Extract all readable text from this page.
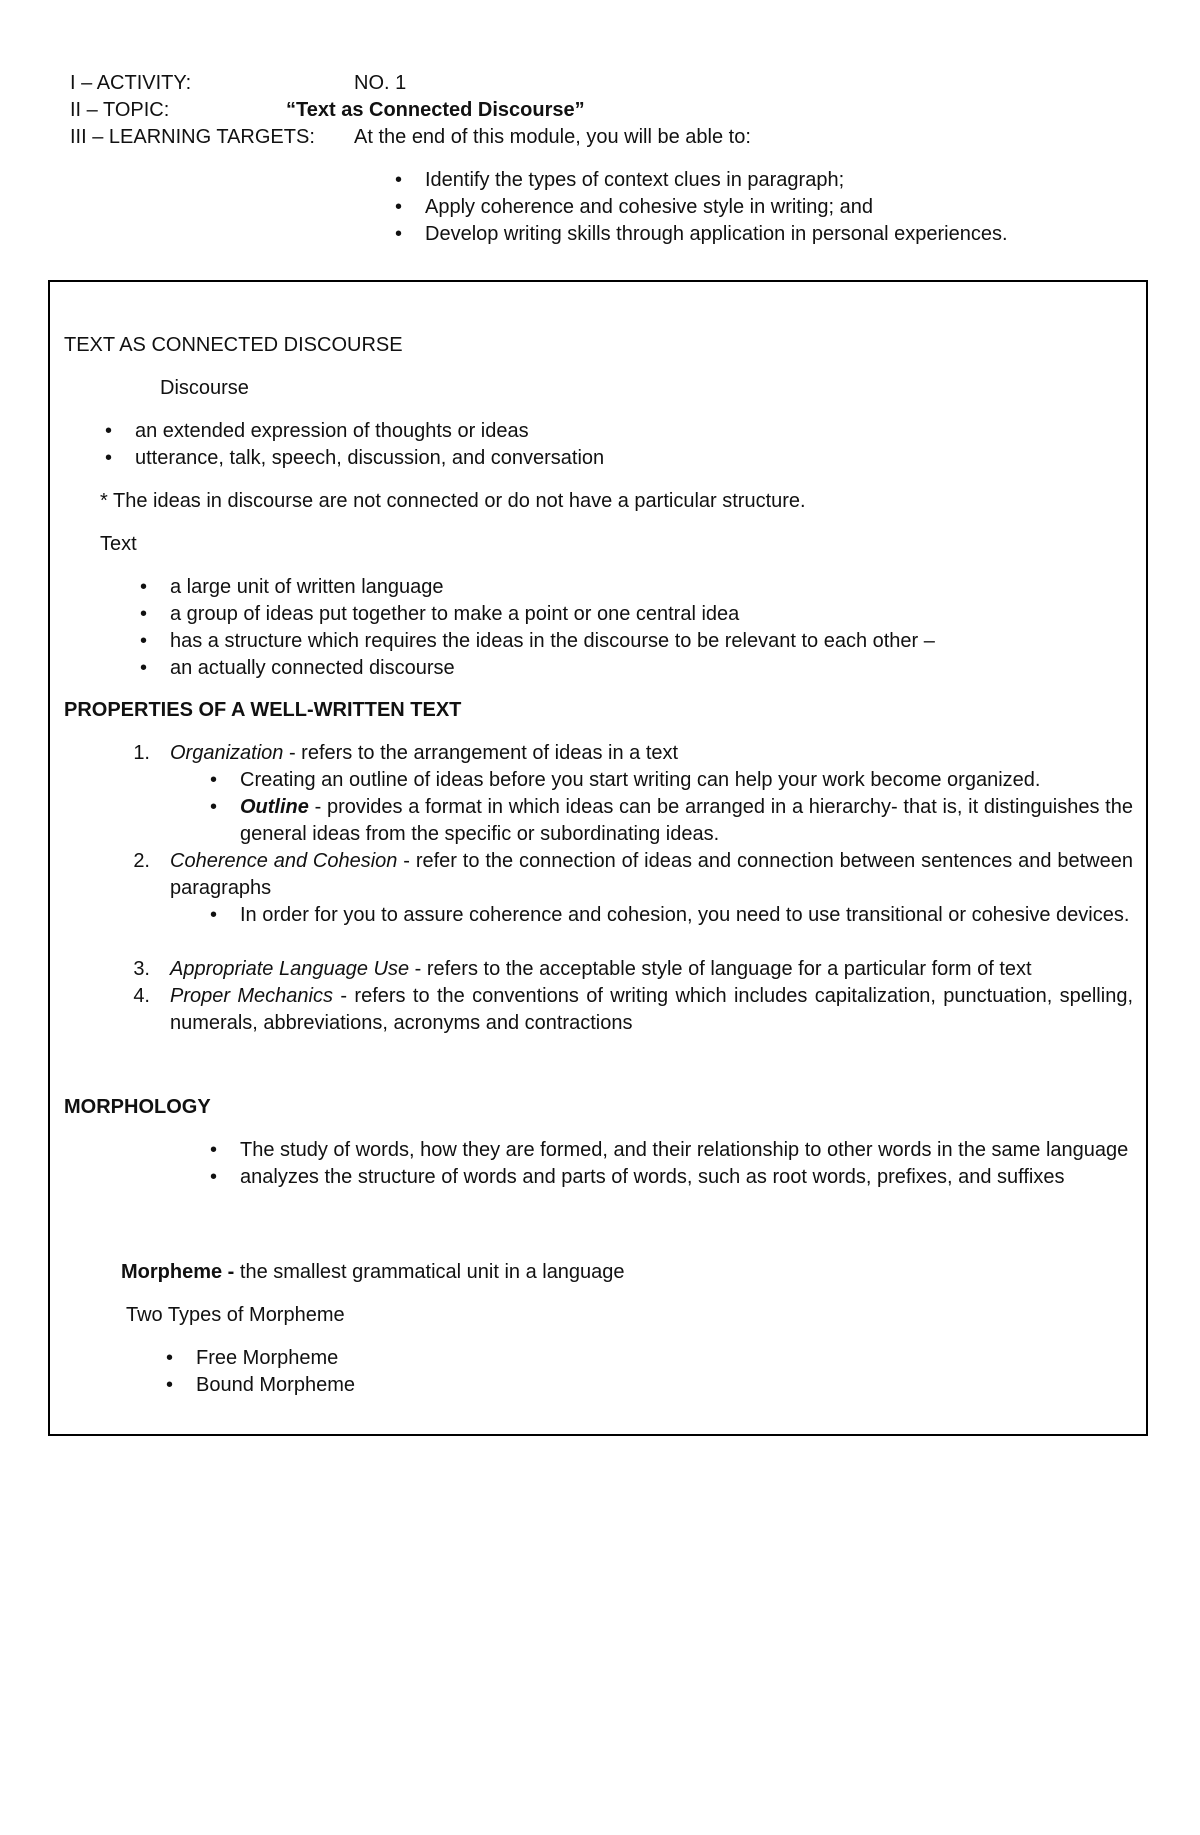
I – ACTIVITY:	NO. 1
II – TOPIC:	“Text as Connected Discourse”
III – LEARNING TARGETS: At the end of this module, you will be able to:
• Identify the types of context clues in paragraph;
• Apply coherence and cohesive style in writing; and
• Develop writing skills through application in personal experiences.
TEXT AS CONNECTED DISCOURSE
Discourse
• an extended expression of thoughts or ideas
• utterance, talk, speech, discussion, and conversation
* The ideas in discourse are not connected or do not have a particular structure.
Text
• a large unit of written language
• a group of ideas put together to make a point or one central idea
• has a structure which requires the ideas in the discourse to be relevant to each other –
• an actually connected discourse
PROPERTIES OF A WELL-WRITTEN TEXT
1. Organization - refers to the arrangement of ideas in a text
• Creating an outline of ideas before you start writing can help your work become organized.
• Outline - provides a format in which ideas can be arranged in a hierarchy- that is, it distinguishes the general ideas from the specific or subordinating ideas.
2. Coherence and Cohesion - refer to the connection of ideas and connection between sentences and between paragraphs
• In order for you to assure coherence and cohesion, you need to use transitional or cohesive devices.
3. Appropriate Language Use - refers to the acceptable style of language for a particular form of text
4. Proper Mechanics - refers to the conventions of writing which includes capitalization, punctuation, spelling, numerals, abbreviations, acronyms and contractions
MORPHOLOGY
• The study of words, how they are formed, and their relationship to other words in the same language
• analyzes the structure of words and parts of words, such as root words, prefixes, and suffixes
Morpheme - the smallest grammatical unit in a language
Two Types of Morpheme
• Free Morpheme
• Bound Morpheme
